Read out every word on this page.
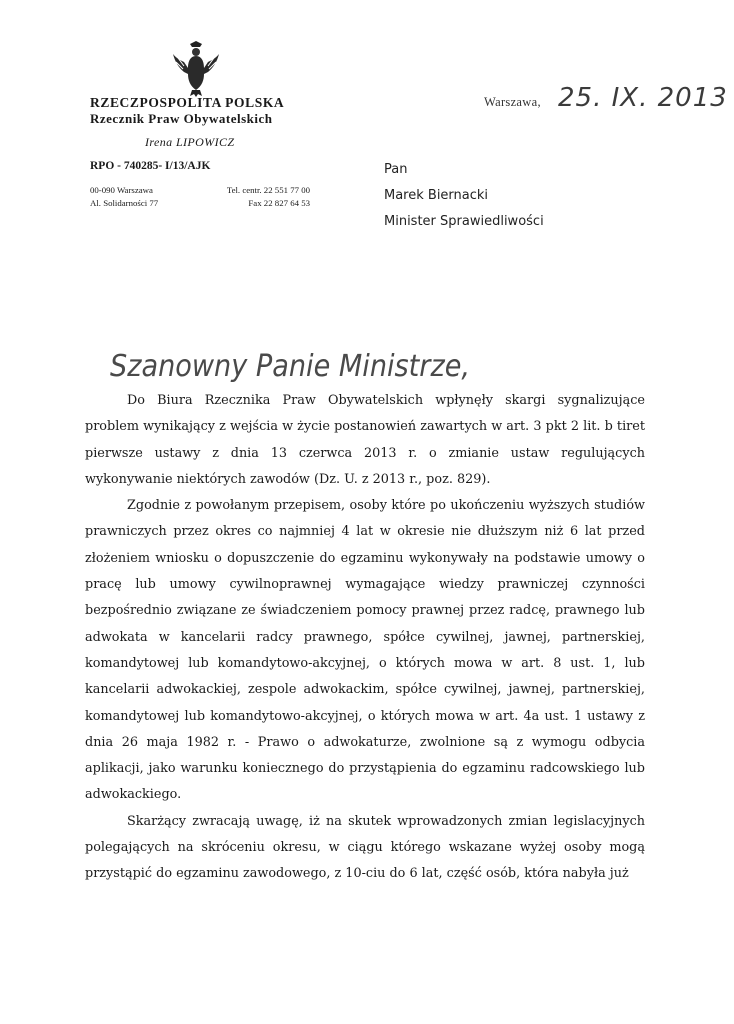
RZECZPOSPOLITA POLSKA
Rzecznik Praw Obywatelskich
Irena LIPOWICZ
RPO - 740285- I/13/AJK
00-090 Warszawa
Al. Solidarności 77
Tel. centr. 22 551 77 00
Fax 22 827 64 53
Warszawa, 25. IX. 2013
Pan
Marek Biernacki
Minister Sprawiedliwości
Szanowny Panie Ministrze,

Do Biura Rzecznika Praw Obywatelskich wpłynęły skargi sygnalizujące problem wynikający z wejścia w życie postanowień zawartych w art. 3 pkt 2 lit. b tiret pierwsze ustawy z dnia 13 czerwca 2013 r. o zmianie ustaw regulujących wykonywanie niektórych zawodów (Dz. U. z 2013 r., poz. 829).

Zgodnie z powołanym przepisem, osoby które po ukończeniu wyższych studiów prawniczych przez okres co najmniej 4 lat w okresie nie dłuższym niż 6 lat przed złożeniem wniosku o dopuszczenie do egzaminu wykonywały na podstawie umowy o pracę lub umowy cywilnoprawnej wymagające wiedzy prawniczej czynności bezpośrednio związane ze świadczeniem pomocy prawnej przez radcę, prawnego lub adwokata w kancelarii radcy prawnego, spółce cywilnej, jawnej, partnerskiej, komandytowej lub komandytowo-akcyjnej, o których mowa w art. 8 ust. 1, lub kancelarii adwokackiej, zespole adwokackim, spółce cywilnej, jawnej, partnerskiej, komandytowej lub komandytowo-akcyjnej, o których mowa w art. 4a ust. 1 ustawy z dnia 26 maja 1982 r. - Prawo o adwokaturze, zwolnione są z wymogu odbycia aplikacji, jako warunku koniecznego do przystąpienia do egzaminu radcowskiego lub adwokackiego.

Skarżący zwracają uwagę, iż na skutek wprowadzonych zmian legislacyjnych polegających na skróceniu okresu, w ciągu którego wskazane wyżej osoby mogą przystąpić do egzaminu zawodowego, z 10-ciu do 6 lat, część osób, która nabyła już
